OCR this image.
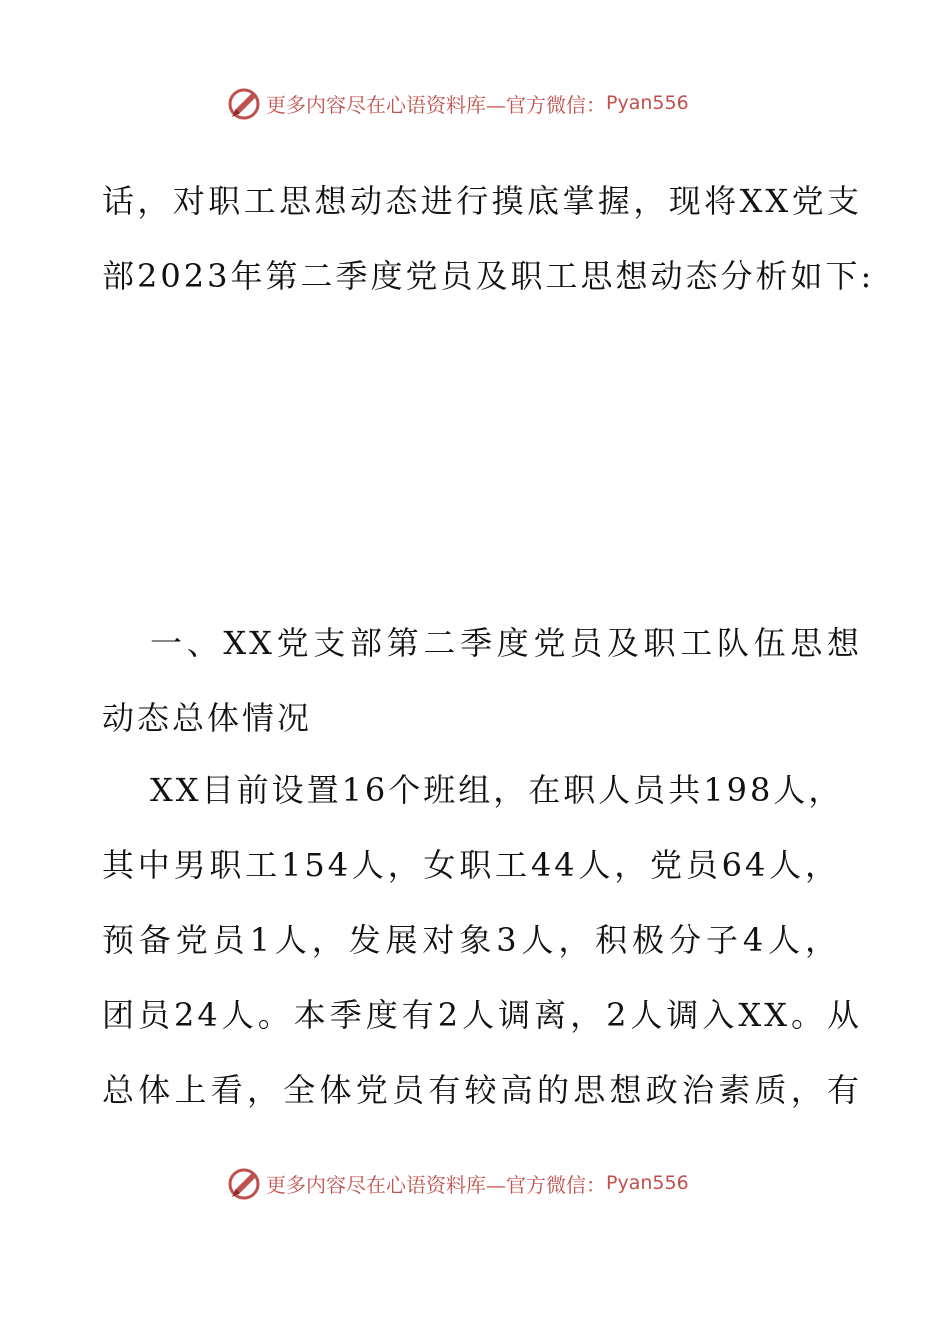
更多内容尽在心语资料库—官方微信： Pyan556
话，对职工思想动态进行摸底掌握，现将XX党支
部2023年第二季度党员及职工思想动态分析如下:
一、XX党支部第二季度党员及职工队伍思想
动态总体情况
XX目前设置16个班组，在职人员共198人，
其中男职工154人，女职工44人，党员64人，
预备党员1人，发展对象3人，积极分子4人，
团员24人。本季度有2人调离，2人调入XX。从
总体上看，全体党员有较高的思想政治素质，有
更多内容尽在心语资料库—官方微信： Pyan556
